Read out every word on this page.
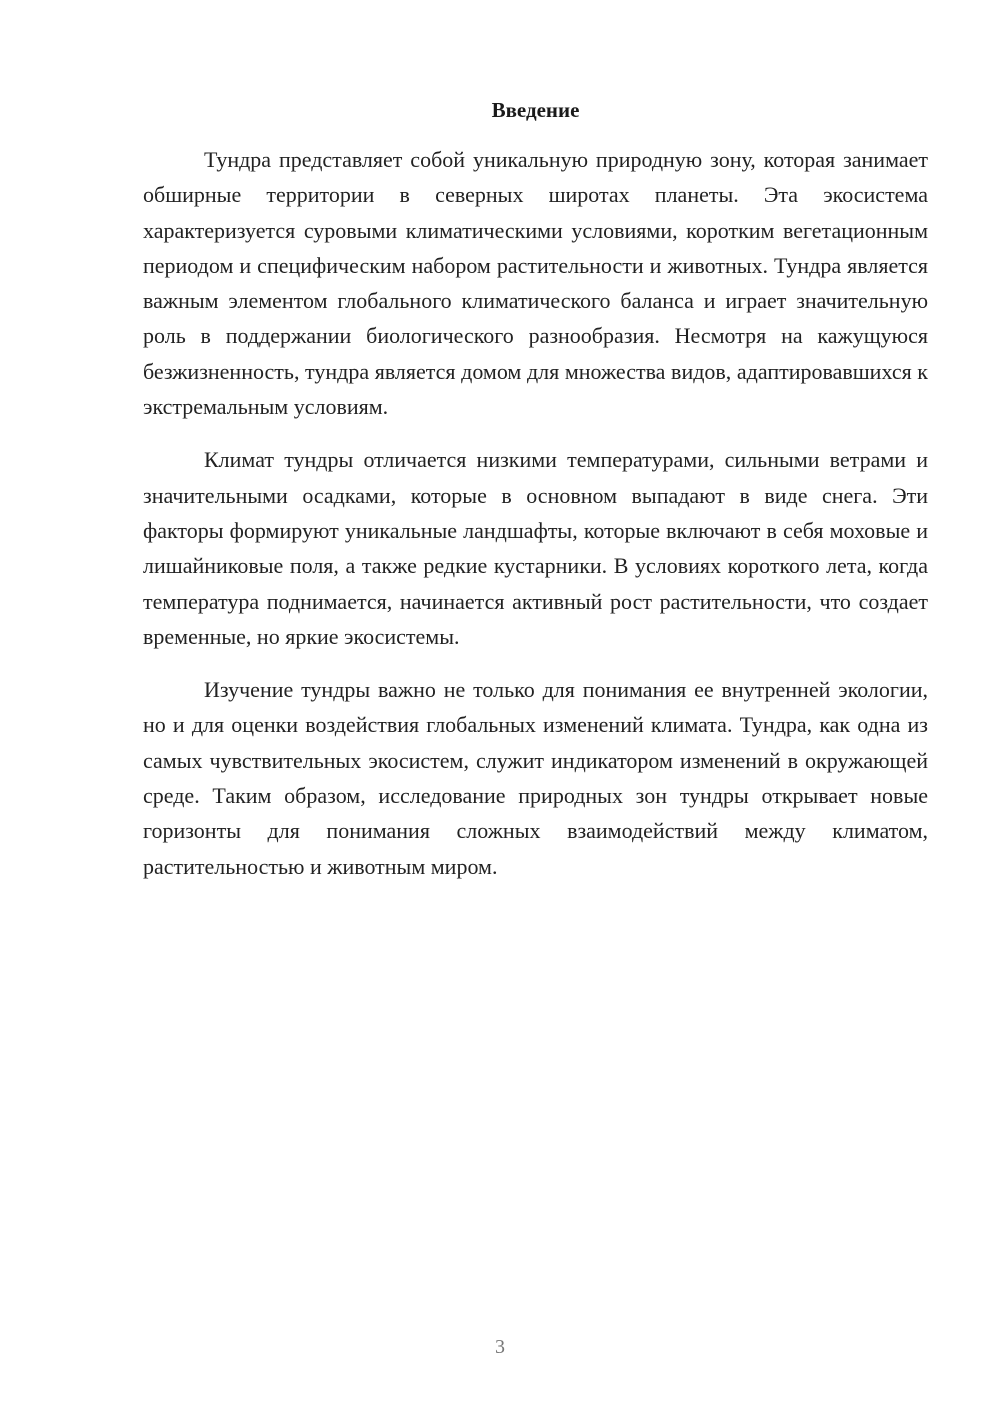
Введение

Тундра представляет собой уникальную природную зону, которая занимает обширные территории в северных широтах планеты. Эта экосистема характеризуется суровыми климатическими условиями, коротким вегетационным периодом и специфическим набором растительности и животных. Тундра является важным элементом глобального климатического баланса и играет значительную роль в поддержании биологического разнообразия. Несмотря на кажущуюся безжизненность, тундра является домом для множества видов, адаптировавшихся к экстремальным условиям.

Климат тундры отличается низкими температурами, сильными ветрами и значительными осадками, которые в основном выпадают в виде снега. Эти факторы формируют уникальные ландшафты, которые включают в себя моховые и лишайниковые поля, а также редкие кустарники. В условиях короткого лета, когда температура поднимается, начинается активный рост растительности, что создает временные, но яркие экосистемы.

Изучение тундры важно не только для понимания ее внутренней экологии, но и для оценки воздействия глобальных изменений климата. Тундра, как одна из самых чувствительных экосистем, служит индикатором изменений в окружающей среде. Таким образом, исследование природных зон тундры открывает новые горизонты для понимания сложных взаимодействий между климатом, растительностью и животным миром.

3
